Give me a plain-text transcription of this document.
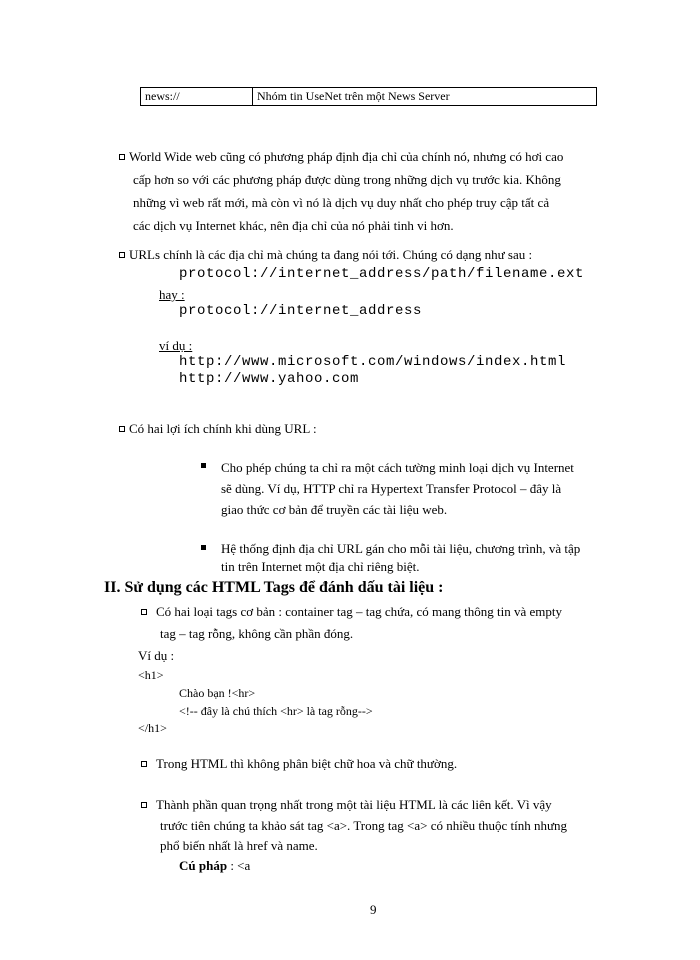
news://	Nhóm tin UseNet trên một News Server
World Wide web cũng có phương pháp định địa chỉ của chính nó, nhưng có hơi cao
cấp hơn so với các phương pháp được dùng trong những dịch vụ trước kia. Không
những vì web rất mới, mà còn vì nó là dịch vụ duy nhất cho phép truy cập tất cả
các dịch vụ Internet khác, nên địa chỉ của nó phải tinh vi hơn.
URLs chính là các địa chỉ mà chúng ta đang nói tới. Chúng có dạng như sau :
protocol://internet_address/path/filename.ext
hay :
protocol://internet_address
ví dụ :
http://www.microsoft.com/windows/index.html
http://www.yahoo.com
Có hai lợi ích chính khi dùng URL :
Cho phép chúng ta chỉ ra một cách tường minh loại dịch vụ Internet
sẽ dùng. Ví dụ, HTTP chỉ ra Hypertext Transfer Protocol – đây là
giao thức cơ bản để truyền các tài liệu web.
Hệ thống định địa chỉ URL gán cho mỗi tài liệu, chương trình, và tập
tin trên Internet một địa chỉ riêng biệt.
II. Sử dụng các HTML Tags để đánh dấu tài liệu :
Có hai loại tags cơ bản : container tag – tag chứa, có mang thông tin và empty
tag – tag rỗng, không cần phần đóng.
Ví dụ :
<h1>
Chào bạn !<hr>
<!-- đây là chú thích <hr> là tag rỗng-->
</h1>
Trong HTML thì không phân biệt chữ hoa và chữ thường.
Thành phần quan trọng nhất trong một tài liệu HTML là các liên kết. Vì vậy
trước tiên chúng ta khảo sát tag <a>. Trong tag <a> có nhiều thuộc tính nhưng
phổ biến nhất là href và name.
Cú pháp : <a
9
